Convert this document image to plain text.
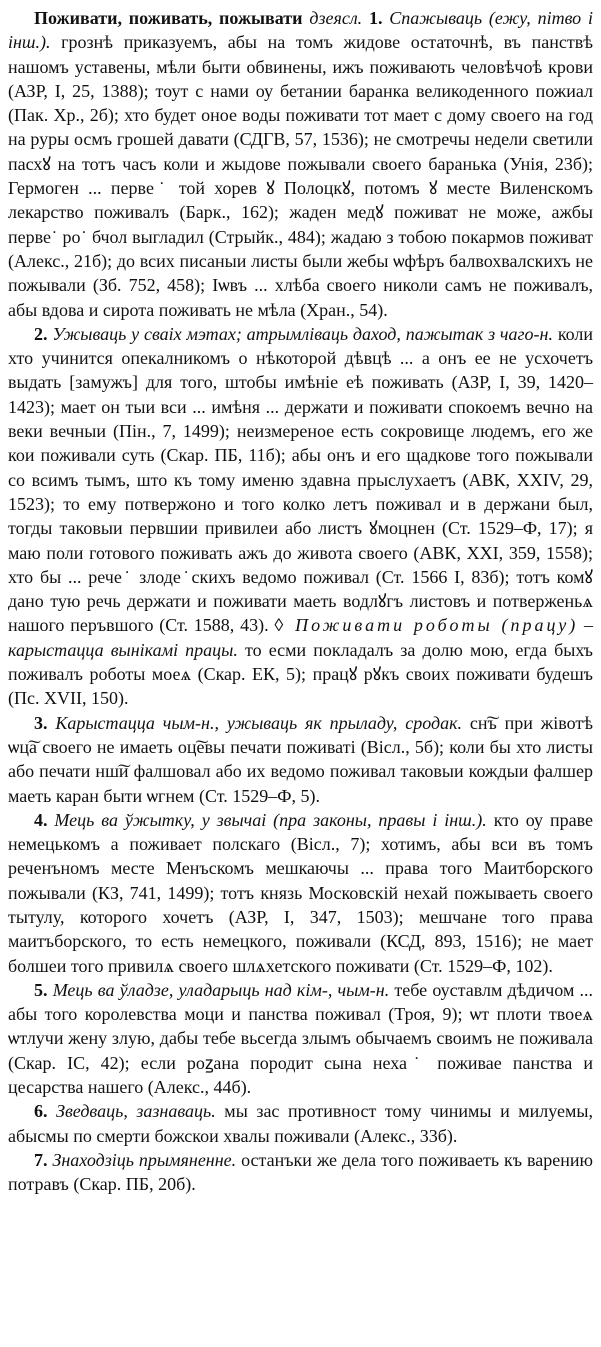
Поживати, поживать, пожывати дзеясл. 1. Спажываць (ежу, пітво і інш.). грознѣ приказуемъ, абы на томъ жидове остаточнѣ, въ панствѣ нашомъ уставены, мѣли быти обвинены, ижъ поживають человѣчоѣ крови (АЗР, I, 25, 1388); тоут с нами оу бетании баранка великоденного пожиал (Пак. Хр., 2б); хто будет оное воды поживати тот мает с дому своего на год на руры осмъ грошей давати (СДГВ, 57, 1536); не смотречы недели светили пасхꙋ на тотъ часъ коли и жыдове пожывали своего баранька (Унія, 23б); Гермоген ... перве˙ той хорев ꙋ Полоцкꙋ, потомъ ꙋ месте Виленскомъ лекарство поживалъ (Барк., 162); жаден медꙋ поживат не може, ажбы перве˙ ро˙ бчол выгладил (Стрыйк., 484); жадаю з тобою покармов поживат (Алекс., 21б); до всих писаныи листы были жебы ѡфѣръ балвохвалскихъ не пожывали (Зб. 752, 458); Іѡвъ ... хлѣба своего николи самъ не поживалъ, абы вдова и сирота поживать не мѣла (Хран., 54).

2. Ужываць у сваіх мэтах; атрымліваць даход, пажытак з чаго-н. коли хто учинится опекалникомъ о нѣкоторой дѣвцѣ ... а онъ ее не усхочетъ выдать [замужъ] для того, штобы имѣніе еѣ поживать (АЗР, I, 39, 1420–1423); мает он тыи вси ... имѣня ... держати и поживати спокоемъ вечно на веки вечныи (Пін., 7, 1499); неизмереное есть сокровище людемъ, его же кои поживали суть (Скар. ПБ, 11б); абы онъ и его щадкове того пожывали со всимъ тымъ, што къ тому именю здавна прыслухаетъ (АВК, XXIV, 29, 1523); то ему потвержоно и того колко летъ поживал и в держани был, тогды таковыи первшии привилеи або листъ ꙋмоцнен (Ст. 1529–Ф, 17); я маю поли готового поживать ажъ до живота своего (АВК, XXI, 359, 1558); хто бы ... рече˙ злоде˙скихъ ведомо поживал (Ст. 1566 I, 83б); тотъ комꙋ дано тую речь держати и поживати маеть водлꙋгъ листовъ и потверженьѧ нашого перъвшого (Ст. 1588, 43). ◊ Поживати роботы (працу) – карыстацца вынікамі працы. то есми покладалъ за долю мою, егда быхъ поживалъ роботы моеѧ (Скар. ЕК, 5); працꙋ рꙋкъ своих поживати будешъ (Пс. XVII, 150).

3. Карыстацца чым-н., ужываць як прыладу, сродак. сн͠ъ при жівотѣ ѡц͠а своего не имаеть оц͠евы печати поживаті (Вісл., 5б); коли бы хто листы або печати нш͠и фалшовал або их ведомо поживал таковыи кождыи фалшер маеть каран быти ѡгнем (Ст. 1529–Ф, 5).

4. Мець ва ўжытку, у звычаі (пра законы, правы і інш.). кто оу праве немецькомъ а поживает полскаго (Вісл., 7); хотимъ, абы вси въ томъ реченъномъ месте Менъскомъ мешкаючы ... права того Маитборского пожывали (КЗ, 741, 1499); тотъ князь Московскій нехай пожываеть своего тытулу, которого хочетъ (АЗР, I, 347, 1503); мешчане того права маитъборского, то есть немецкого, поживали (КСД, 893, 1516); не мает болшеи того привилѧ своего шлѧхетского поживати (Ст. 1529–Ф, 102).

5. Мець ва ўладзе, уладарыць над кім-, чым-н. тебе оуставлм дѣдичом ... абы того королевства моци и панства поживал (Троя, 9); ѡт плоти твоеѧ ѡтлучи жену злую, дабы тебе вьсегда злымъ обычаемъ своимъ не поживала (Скар. IC, 42); если роꙁана породит сына неха˙ поживае панства и цесарства нашего (Алекс., 44б).

6. Зведваць, зазнаваць. мы зас противност тому чинимы и милуемы, абысмы по смерти божскои хвалы поживали (Алекс., 33б).

7. Знаходзіць прымяненне. останъки же дела того поживаеть къ варению потравъ (Скар. ПБ, 20б).
